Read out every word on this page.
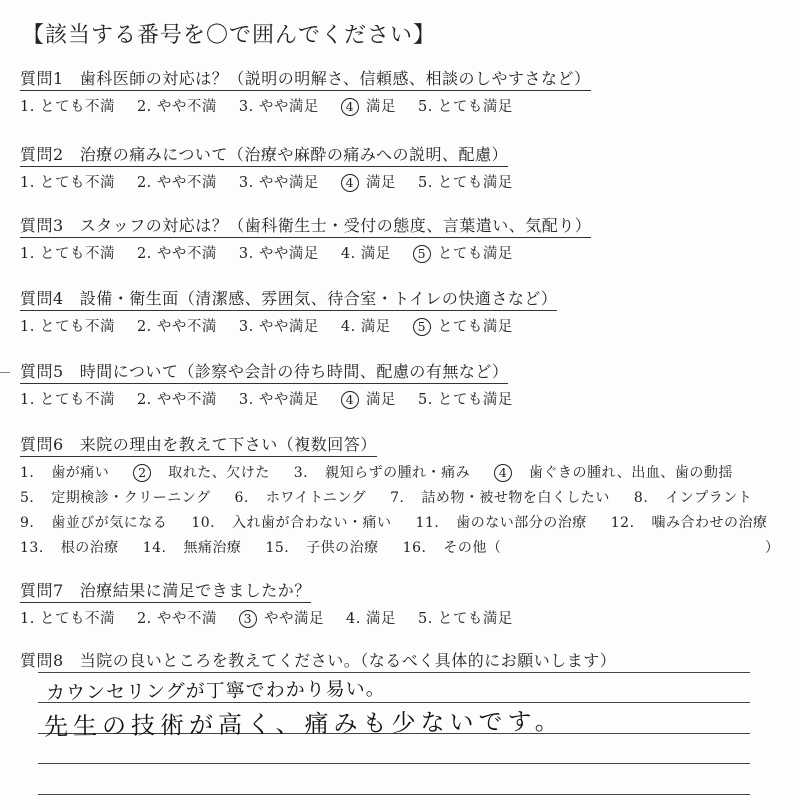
【該当する番号を〇で囲んでください】
質問1 歯科医師の対応は？（説明の明解さ、信頼感、相談のしやすさなど）
1. とても不満 2. やや不満 3. やや満足 4 満足 5. とても満足
質問2 治療の痛みについて（治療や麻酔の痛みへの説明、配慮）
1. とても不満 2. やや不満 3. やや満足 4 満足 5. とても満足
質問3 スタッフの対応は？（歯科衛生士・受付の態度、言葉遣い、気配り）
1. とても不満 2. やや不満 3. やや満足 4. 満足 5 とても満足
質問4 設備・衛生面（清潔感、雰囲気、待合室・トイレの快適さなど）
1. とても不満 2. やや不満 3. やや満足 4. 満足 5 とても満足
質問5 時間について（診察や会計の待ち時間、配慮の有無など）
1. とても不満 2. やや不満 3. やや満足 4 満足 5. とても満足
質問6 来院の理由を教えて下さい（複数回答）
1. 歯が痛い 2 取れた、欠けた 3. 親知らずの腫れ・痛み 4 歯ぐきの腫れ、出血、歯の動揺
5. 定期検診・クリーニング 6. ホワイトニング 7. 詰め物・被せ物を白くしたい 8. インプラント
9. 歯並びが気になる 10. 入れ歯が合わない・痛い 11. 歯のない部分の治療 12. 噛み合わせの治療
13. 根の治療 14. 無痛治療 15. 子供の治療 16. その他（	）
質問7 治療結果に満足できましたか？
1. とても不満 2. やや不満 3 やや満足 4. 満足 5. とても満足
質問8 当院の良いところを教えてください。（なるべく具体的にお願いします）
カウンセリングが丁寧でわかり易い。
先生の技術が高く、痛みも少ないです。
